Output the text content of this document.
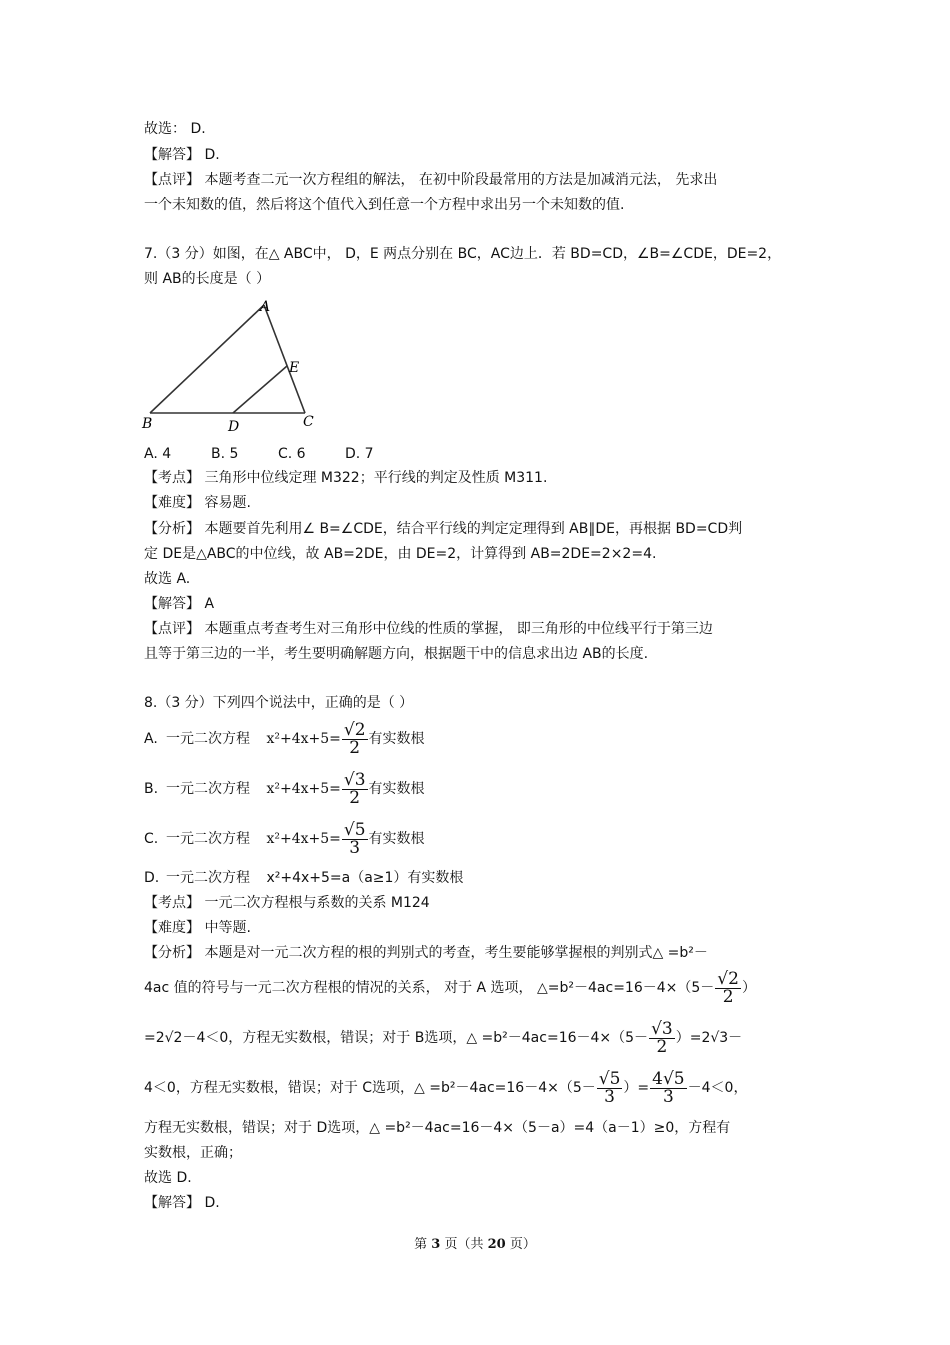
故选： D.
【解答】 D.
【点评】 本题考查二元一次方程组的解法， 在初中阶段最常用的方法是加减消元法， 先求出
一个未知数的值，然后将这个值代入到任意一个方程中求出另一个未知数的值.
7.（3 分）如图，在△ ABC中， D，E 两点分别在 BC，AC边上．若 BD=CD，∠B=∠CDE，DE=2，
则 AB的长度是（ ）
A
B	C
D
E
A. 4	B. 5	C. 6	D. 7
【考点】 三角形中位线定理 M322；平行线的判定及性质 M311.
【难度】 容易题.
【分析】 本题要首先利用∠ B=∠CDE，结合平行线的判定定理得到 AB∥DE，再根据 BD=CD判
定 DE是△ABC的中位线，故 AB=2DE，由 DE=2，计算得到 AB=2DE=2×2=4.
故选 A.
【解答】 A
【点评】 本题重点考查考生对三角形中位线的性质的掌握， 即三角形的中位线平行于第三边
且等于第三边的一半，考生要明确解题方向，根据题干中的信息求出边 AB的长度.
8.（3 分）下列四个说法中，正确的是（ ）
A. 一元二次方程 $x^2+4x+5= \frac{√2}{2}$ 有实数根
B. 一元二次方程 $x^2+4x+5= \frac{√3}{2}$ 有实数根
C. 一元二次方程 $x^2+4x+5= \frac{√5}{3}$ 有实数根
D. 一元二次方程 x²+4x+5=a（a≥1）有实数根
【考点】 一元二次方程根与系数的关系 M124
【难度】 中等题.
【分析】 本题是对一元二次方程的根的判别式的考查，考生要能够掌握根的判别式△ =b²－
4ac 值的符号与一元二次方程根的情况的关系， 对于 A 选项， △=b²－4ac=16－4×（5－ $\frac{√2}{2}$ ）
=2√2－4＜0，方程无实数根，错误；对于 B选项，△ $=b^2-4ac=16-4\times(5- \frac{√3}{2} )=2√3-$
4＜0，方程无实数根，错误；对于 C选项，△ $=b^2-4ac=16-4\times(5- \frac{√5}{3}$ ）= $\frac{4√5}{3} -4<0$，
方程无实数根，错误；对于 D选项，△ =b²－4ac=16－4×（5－a）=4（a－1）≥0，方程有
实数根，正确；
故选 D.
【解答】 D.
第 3 页（共 20 页）
